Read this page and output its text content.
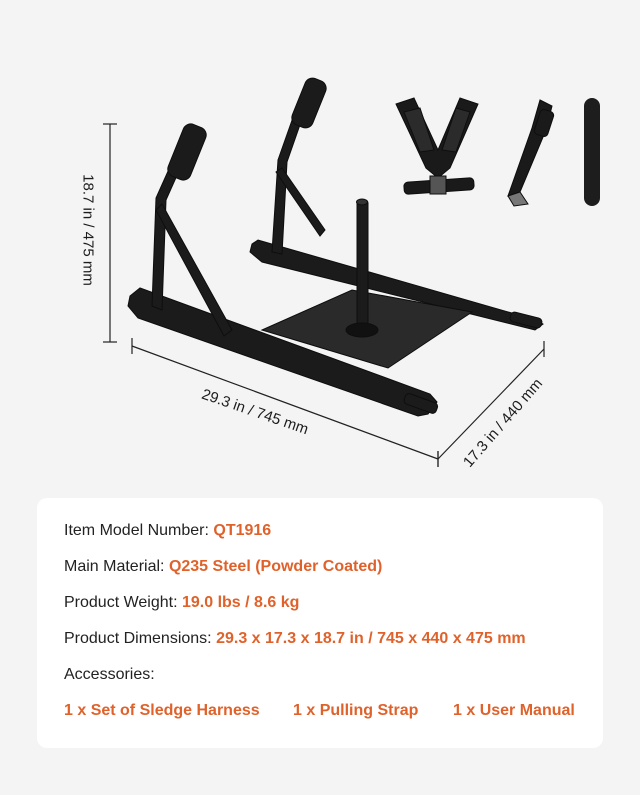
18.7 in / 475 mm
29.3 in / 745 mm	17.3 in / 440 mm
Item Model Number: QT1916
Main Material: Q235 Steel (Powder Coated)
Product Weight: 19.0 lbs / 8.6 kg
Product Dimensions: 29.3 x 17.3 x 18.7 in / 745 x 440 x 475 mm
Accessories:
1 x Set of Sledge Harness 1 x Pulling Strap 1 x User Manual
